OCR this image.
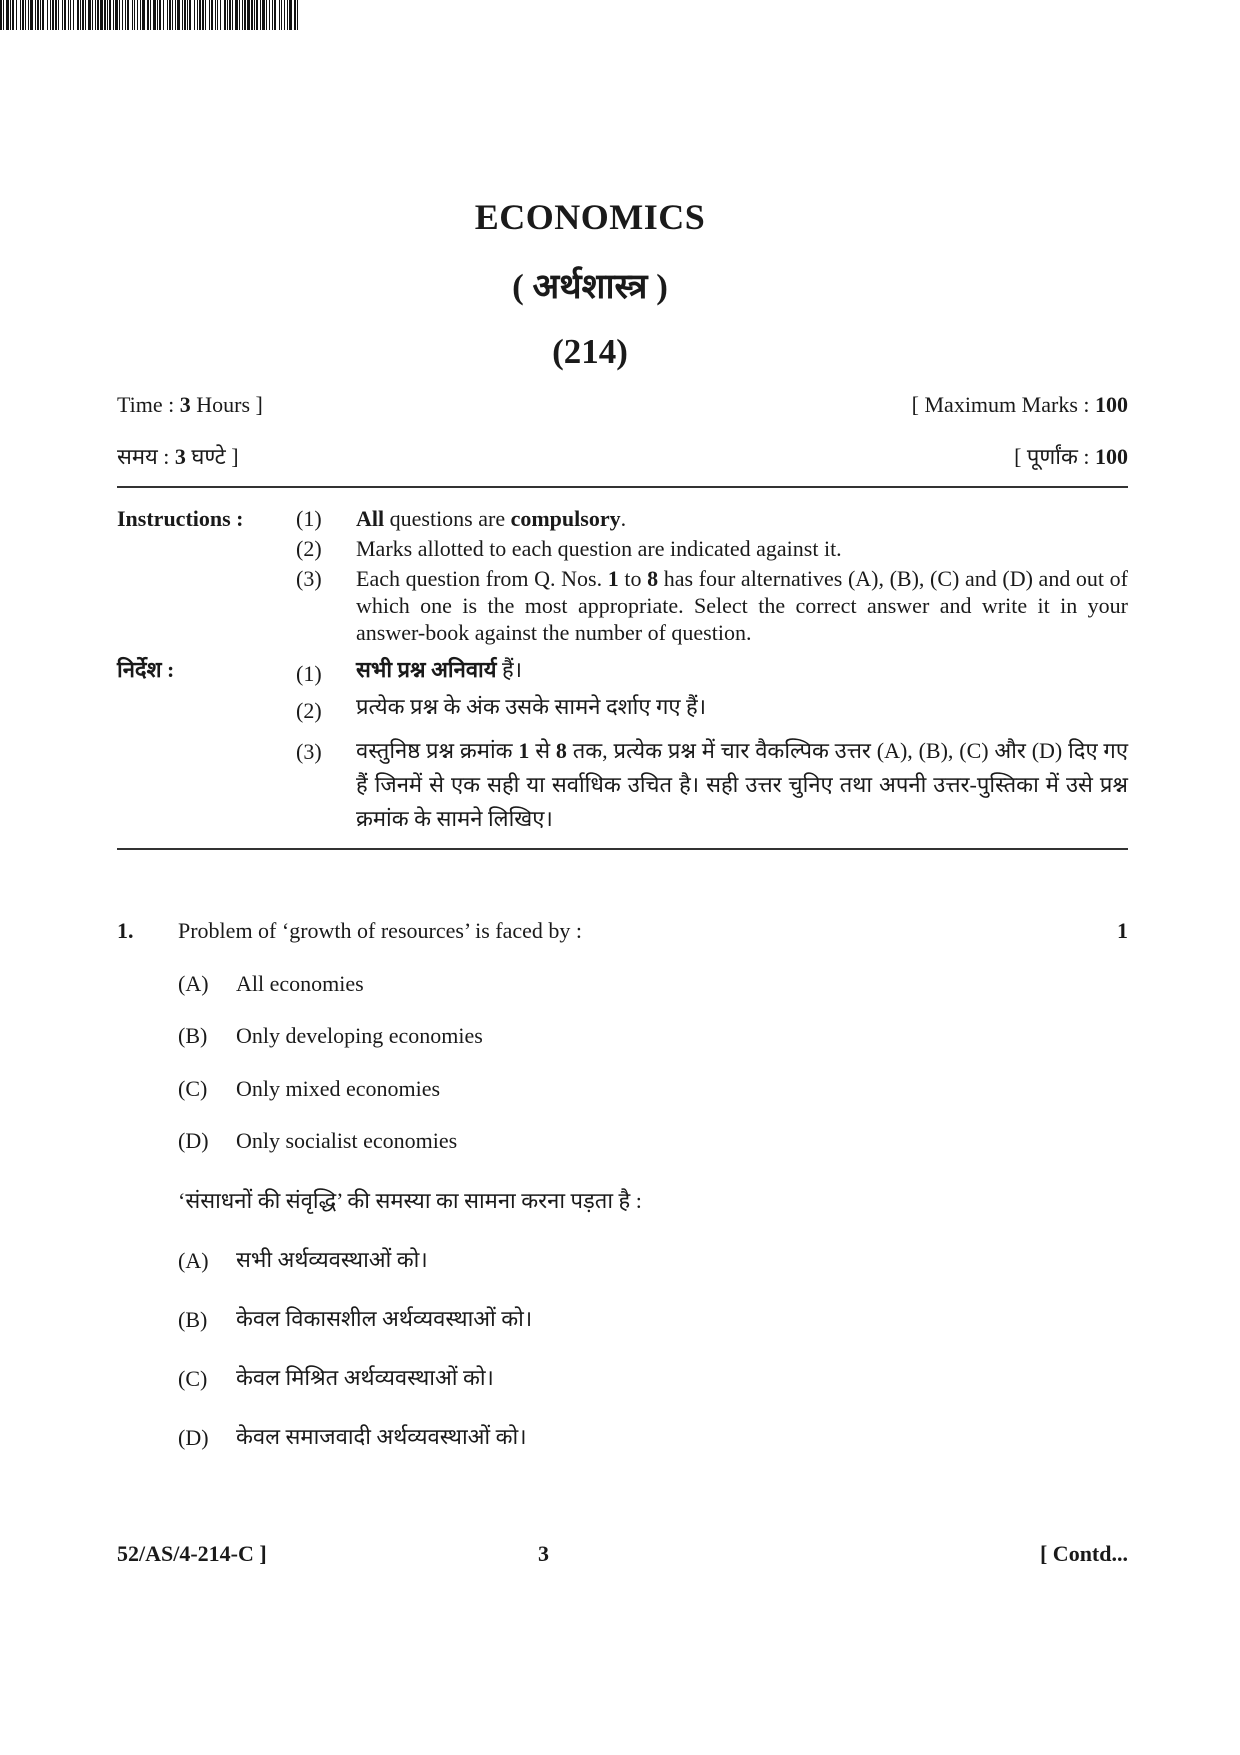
ECONOMICS
( अर्थशास्त्र )
(214)
Time : 3 Hours ]	[ Maximum Marks : 100
समय : 3 घण्टे ]	[ पूर्णांक : 100
Instructions : (1) All questions are compulsory.
(2) Marks allotted to each question are indicated against it.
(3) Each question from Q. Nos. 1 to 8 has four alternatives (A), (B), (C) and (D) and out of which one is the most appropriate. Select the correct answer and write it in your answer-book against the number of question.
निर्देश :	(1) सभी प्रश्न अनिवार्य हैं।
(2) प्रत्येक प्रश्न के अंक उसके सामने दर्शाए गए हैं।
(3) वस्तुनिष्ठ प्रश्न क्रमांक 1 से 8 तक, प्रत्येक प्रश्न में चार वैकल्पिक उत्तर (A), (B), (C) और (D) दिए गए हैं जिनमें से एक सही या सर्वाधिक उचित है। सही उत्तर चुनिए तथा अपनी उत्तर-पुस्तिका में उसे प्रश्न क्रमांक के सामने लिखिए।
1. Problem of ‘growth of resources’ is faced by :	1
(A) All economies
(B) Only developing economies
(C) Only mixed economies
(D) Only socialist economies
‘संसाधनों की संवृद्धि’ की समस्या का सामना करना पड़ता है :
(A) सभी अर्थव्यवस्थाओं को।
(B) केवल विकासशील अर्थव्यवस्थाओं को।
(C) केवल मिश्रित अर्थव्यवस्थाओं को।
(D) केवल समाजवादी अर्थव्यवस्थाओं को।
52/AS/4-214-C ]	3	[ Contd...
